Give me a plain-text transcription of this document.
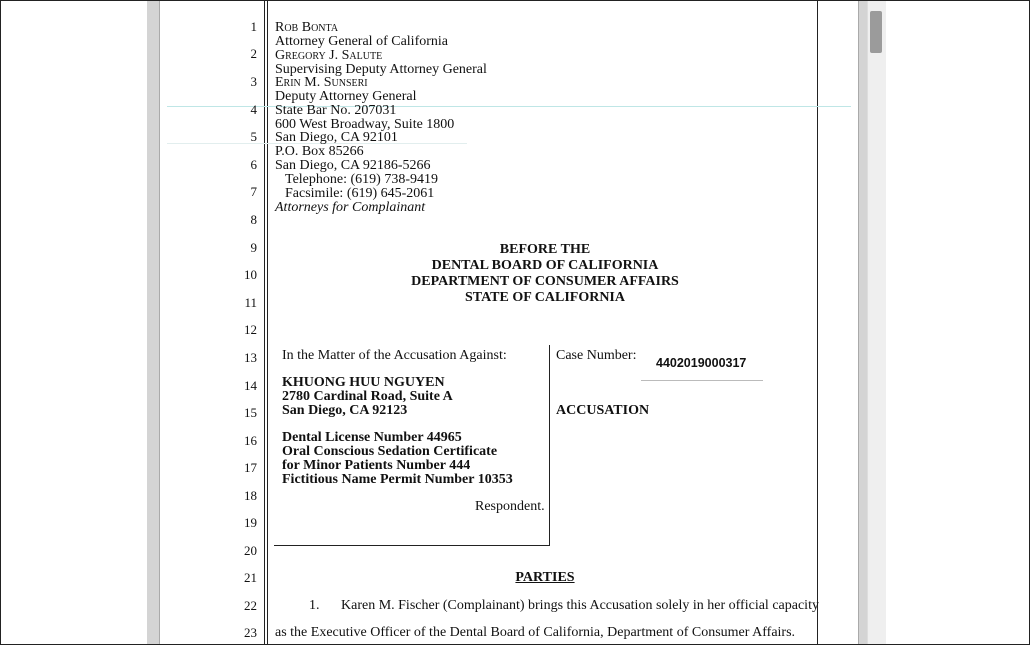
1
2
3
4
5
6
7
8
9
10
11
12
13
14
15
16
17
18
19
20
21
22
23
Rob Bonta
Attorney General of California
Gregory J. Salute
Supervising Deputy Attorney General
Erin M. Sunseri
Deputy Attorney General
State Bar No. 207031
600 West Broadway, Suite 1800
San Diego, CA 92101
P.O. Box 85266
San Diego, CA 92186-5266
Telephone: (619) 738-9419
Facsimile: (619) 645-2061
Attorneys for Complainant
BEFORE THE
DENTAL BOARD OF CALIFORNIA
DEPARTMENT OF CONSUMER AFFAIRS
STATE OF CALIFORNIA
In the Matter of the Accusation Against:
KHUONG HUU NGUYEN
2780 Cardinal Road, Suite A
San Diego, CA 92123
Dental License Number 44965
Oral Conscious Sedation Certificate
for Minor Patients Number 444
Fictitious Name Permit Number 10353
Respondent.
Case Number: 4402019000317
ACCUSATION
PARTIES
1. Karen M. Fischer (Complainant) brings this Accusation solely in her official capacity
as the Executive Officer of the Dental Board of California, Department of Consumer Affairs.
